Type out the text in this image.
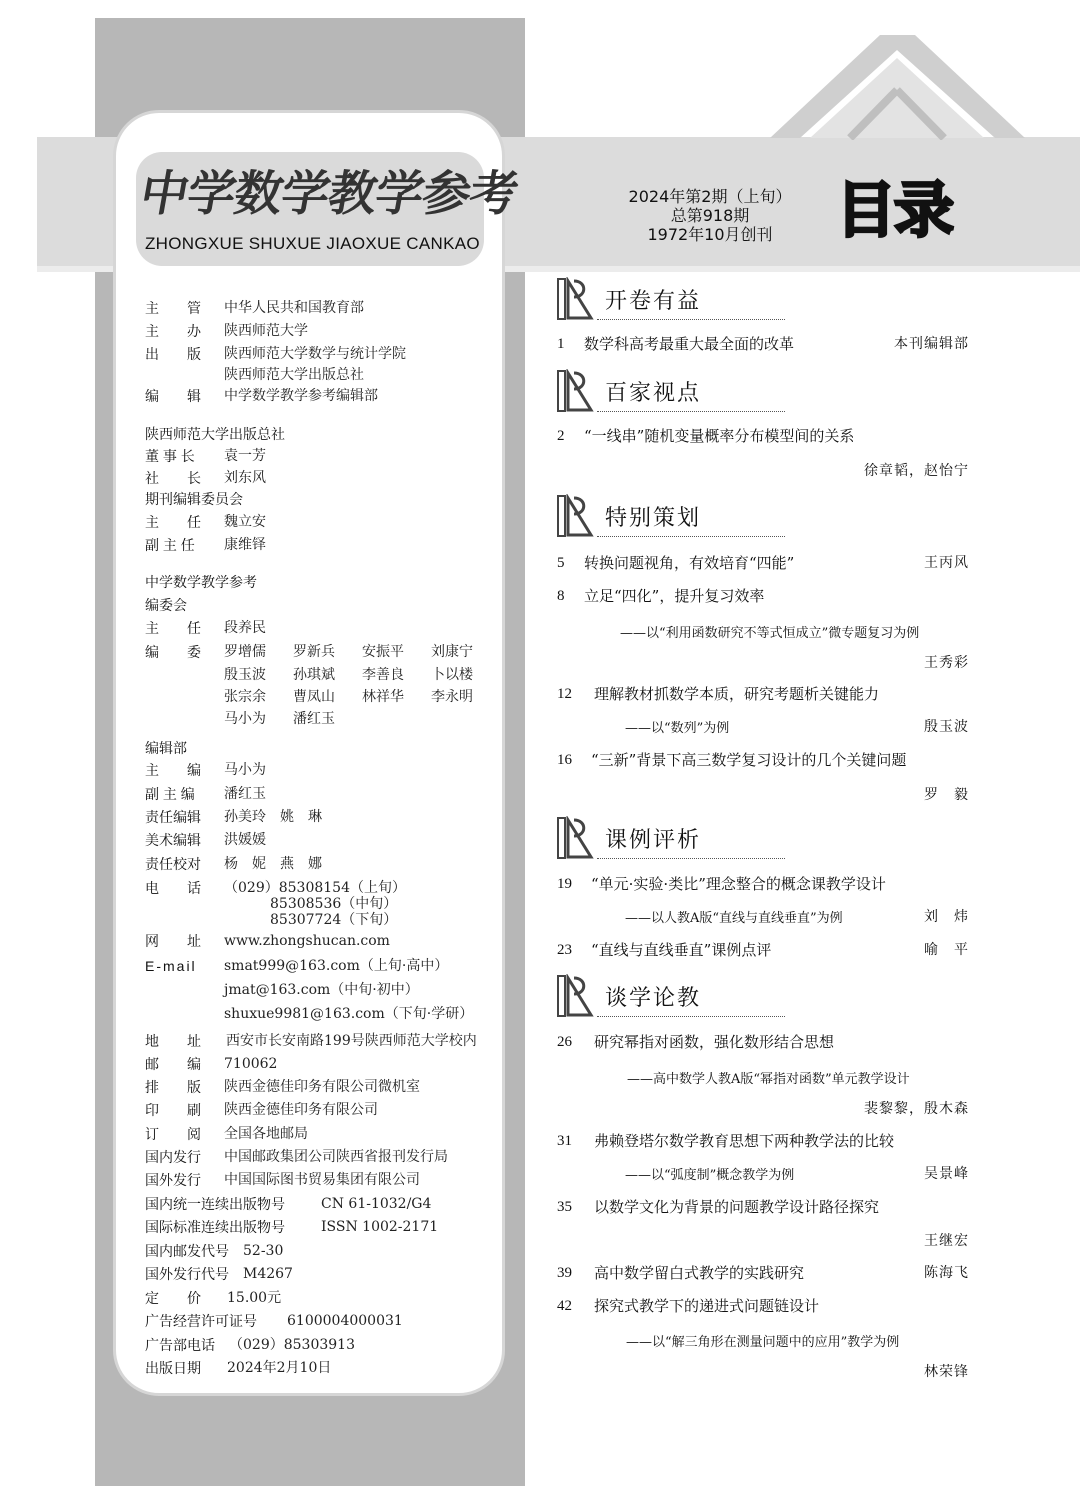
中学数学教学参考
ZHONGXUE SHUXUE JIAOXUE CANKAO
主　　管 中华人民共和国教育部
主　　办 陕西师范大学
出　　版 陕西师范大学数学与统计学院
陕西师范大学出版总社
编　　辑 中学数学教学参考编辑部
陕西师范大学出版总社
董 事 长 袁一芳
社　　长 刘东风
期刊编辑委员会
主　　任 魏立安
副 主 任 康维铎
中学数学教学参考
编委会
主　　任 段养民
编　　委 罗增儒 罗新兵 安振平 刘康宁
殷玉波 孙琪斌 李善良 卜以楼
张宗余 曹凤山 林祥华 李永明
马小为 潘红玉
编辑部
主　　编 马小为
副 主 编 潘红玉
责任编辑 孙美玲　姚　琳
美术编辑 洪媛媛
责任校对 杨　妮　燕　娜
电　　话 （029）85308154（上旬）
85308536（中旬）
85307724（下旬）
网　　址 www.zhongshucan.com
E-mail smat999@163.com（上旬·高中）
jmat@163.com（中旬·初中）
shuxue9981@163.com（下旬·学研）
地　　址 西安市长安南路199号陕西师范大学校内
邮　　编 710062
排　　版 陕西金德佳印务有限公司微机室
印　　刷 陕西金德佳印务有限公司
订　　阅 全国各地邮局
国内发行 中国邮政集团公司陕西省报刊发行局
国外发行 中国国际图书贸易集团有限公司
国内统一连续出版物号	CN 61-1032/G4
国际标准连续出版物号	ISSN 1002-2171
国内邮发代号 52-30
国外发行代号 M4267
定　　价 15.00元
广告经营许可证号 6100004000031
广告部电话 （029）85303913
出版日期 2024年2月10日
2024年第2期（上旬）
总第918期
1972年10月创刊	目录
开卷有益
百家视点
特别策划
课例评析
谈学论教
1 数学科高考最重大最全面的改革	本刊编辑部
2 “一线串”随机变量概率分布模型间的关系
徐章韬，赵怡宁
5 转换问题视角，有效培育“四能”	王丙风
8 立足“四化”，提升复习效率
——以“利用函数研究不等式恒成立”微专题复习为例
王秀彩
12 理解教材抓数学本质，研究考题析关键能力
——以“数列”为例	殷玉波
16 “三新”背景下高三数学复习设计的几个关键问题
罗　毅
19 “单元·实验·类比”理念整合的概念课教学设计
——以人教A版“直线与直线垂直”为例	刘　炜
23 “直线与直线垂直”课例点评	喻　平
26 研究幂指对函数，强化数形结合思想
——高中数学人教A版“幂指对函数”单元教学设计
裴黎黎，殷木森
31 弗赖登塔尔数学教育思想下两种教学法的比较
——以“弧度制”概念教学为例	吴景峰
35 以数学文化为背景的问题教学设计路径探究
王继宏
39 高中数学留白式教学的实践研究	陈海飞
42 探究式教学下的递进式问题链设计
——以“解三角形在测量问题中的应用”教学为例
林荣锋
